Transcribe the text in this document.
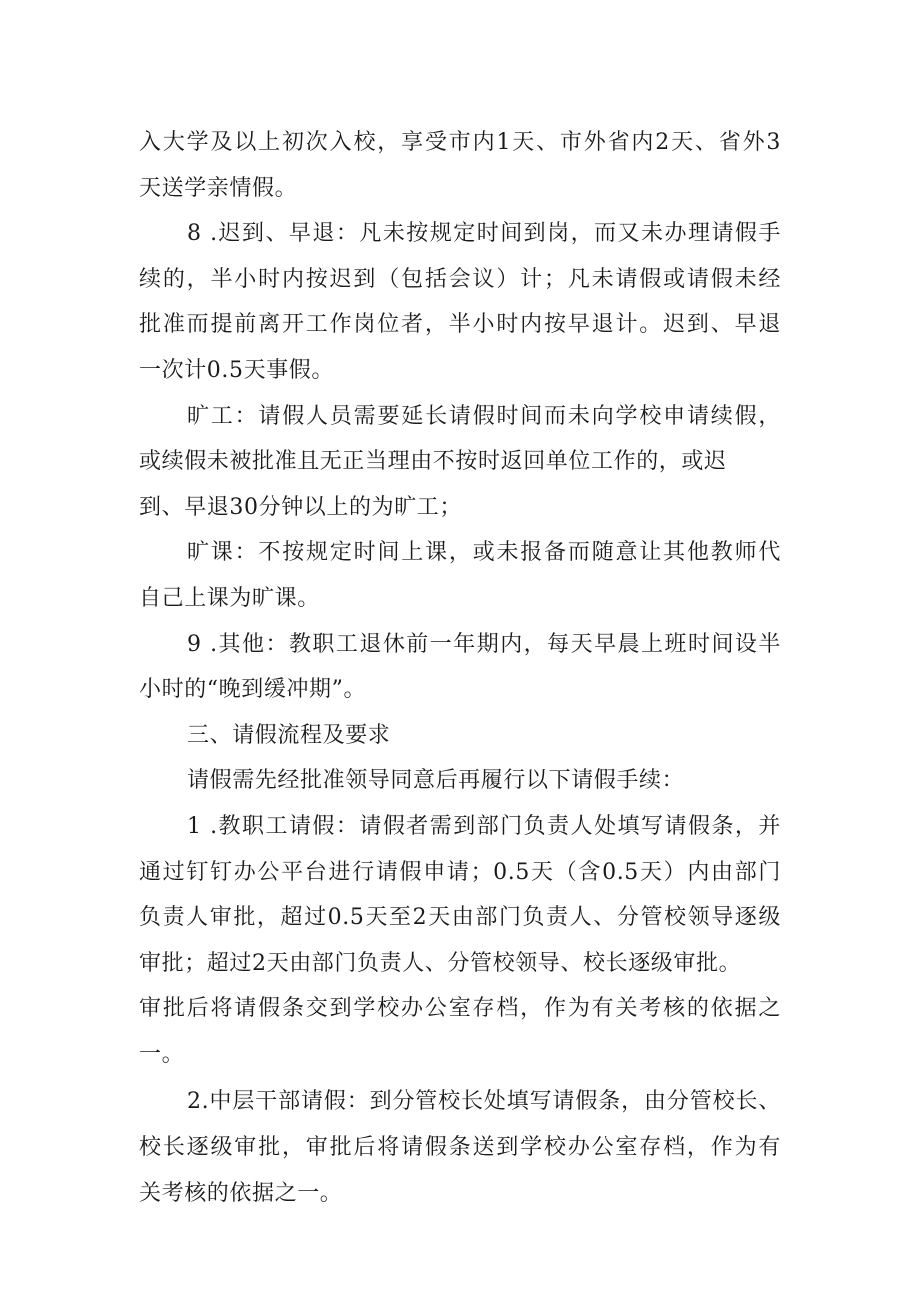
入大学及以上初次入校，享受市内1天、市外省内2天、省外3
天送学亲情假。
8 .迟到、早退：凡未按规定时间到岗，而又未办理请假手
续的，半小时内按迟到（包括会议）计；凡未请假或请假未经
批准而提前离开工作岗位者，半小时内按早退计。迟到、早退
一次计0.5天事假。
旷工：请假人员需要延长请假时间而未向学校申请续假，
或续假未被批准且无正当理由不按时返回单位工作的，或迟
到、早退30分钟以上的为旷工；
旷课：不按规定时间上课，或未报备而随意让其他教师代
自己上课为旷课。
9 .其他：教职工退休前一年期内，每天早晨上班时间设半
小时的“晚到缓冲期”。
三、请假流程及要求
请假需先经批准领导同意后再履行以下请假手续：
1 .教职工请假：请假者需到部门负责人处填写请假条，并
通过钉钉办公平台进行请假申请；0.5天（含0.5天）内由部门
负责人审批，超过0.5天至2天由部门负责人、分管校领导逐级
审批；超过2天由部门负责人、分管校领导、校长逐级审批。
审批后将请假条交到学校办公室存档，作为有关考核的依据之
一。
2.中层干部请假：到分管校长处填写请假条，由分管校长、
校长逐级审批，审批后将请假条送到学校办公室存档，作为有
关考核的依据之一。
